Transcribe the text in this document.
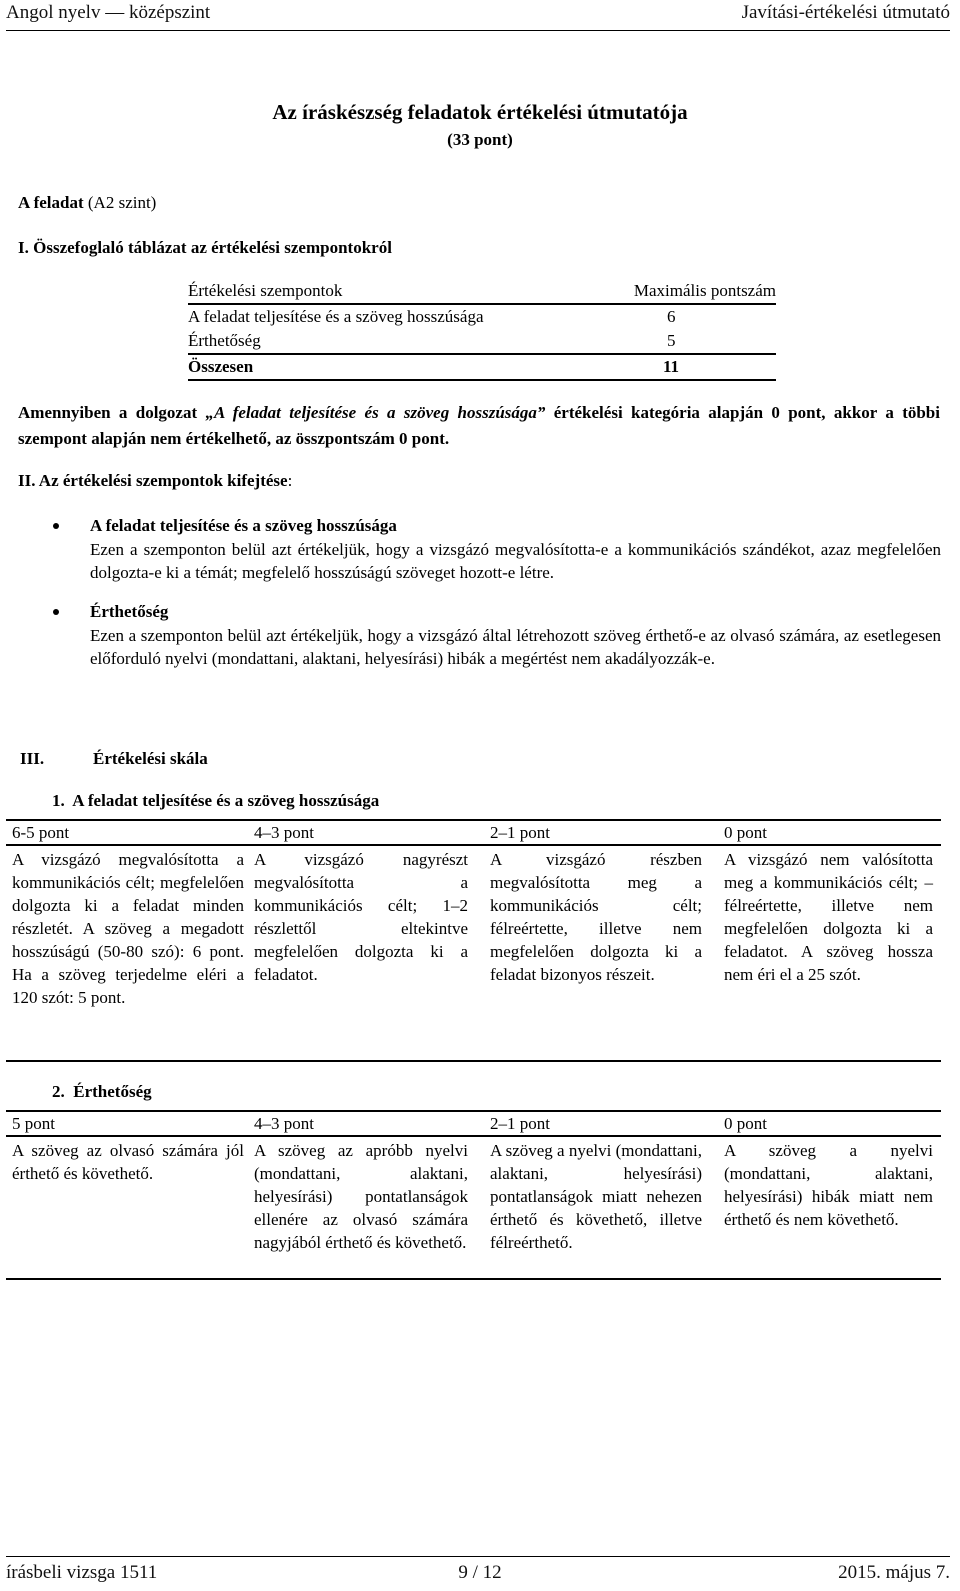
Angol nyelv — középszint	Javítási-értékelési útmutató
Az íráskészség feladatok értékelési útmutatója
(33 pont)
A feladat (A2 szint)
I. Összefoglaló táblázat az értékelési szempontokról
Értékelési szempontok	Maximális pontszám
A feladat teljesítése és a szöveg hosszúsága	6
Érthetőség	5
Összesen	11
Amennyiben a dolgozat „A feladat teljesítése és a szöveg hosszúsága” értékelési kategória alapján 0 pont, akkor a többi szempont alapján nem értékelhető, az összpontszám 0 pont.
II. Az értékelési szempontok kifejtése:
A feladat teljesítése és a szöveg hosszúsága
Ezen a szemponton belül azt értékeljük, hogy a vizsgázó megvalósította-e a kommunikációs szándékot, azaz megfelelően dolgozta-e ki a témát; megfelelő hosszúságú szöveget hozott-e létre.
Érthetőség
Ezen a szemponton belül azt értékeljük, hogy a vizsgázó által létrehozott szöveg érthető-e az olvasó számára, az esetlegesen előforduló nyelvi (mondattani, alaktani, helyesírási) hibák a megértést nem akadályozzák-e.
III.	Értékelési skála
1.  A feladat teljesítése és a szöveg hosszúsága
6-5 pont	4–3 pont	2–1 pont	0 pont

A vizsgázó megvalósította a kommunikációs célt; megfelelően dolgozta ki a feladat minden részletét. A szöveg a megadott hosszúságú (50-80 szó): 6 pont. Ha a szöveg terjedelme eléri a 120 szót: 5 pont.	A vizsgázó nagyrészt megvalósította a kommunikációs célt; 1–2 részlettől eltekintve megfelelően dolgozta ki a feladatot.	A vizsgázó részben megvalósította meg a kommunikációs célt; félreértette, illetve nem megfelelően dolgozta ki a feladat bizonyos részeit.	A vizsgázó nem valósította meg a kommunikációs célt; – félreértette, illetve nem megfelelően dolgozta ki a feladatot. A szöveg hossza nem éri el a 25 szót.
2.  Érthetőség
5 pont	4–3 pont	2–1 pont	0 pont

A szöveg az olvasó számára jól érthető és követhető.	A szöveg az apróbb nyelvi (mondattani, alaktani, helyesírási) pontatlanságok ellenére az olvasó számára nagyjából érthető és követhető.	A szöveg a nyelvi (mondattani, alaktani, helyesírási) pontatlanságok miatt nehezen érthető és követhető, illetve félreérthető.	A szöveg a nyelvi (mondattani, alaktani, helyesírási) hibák miatt nem érthető és nem követhető.
írásbeli vizsga 1511	9 / 12	2015. május 7.
